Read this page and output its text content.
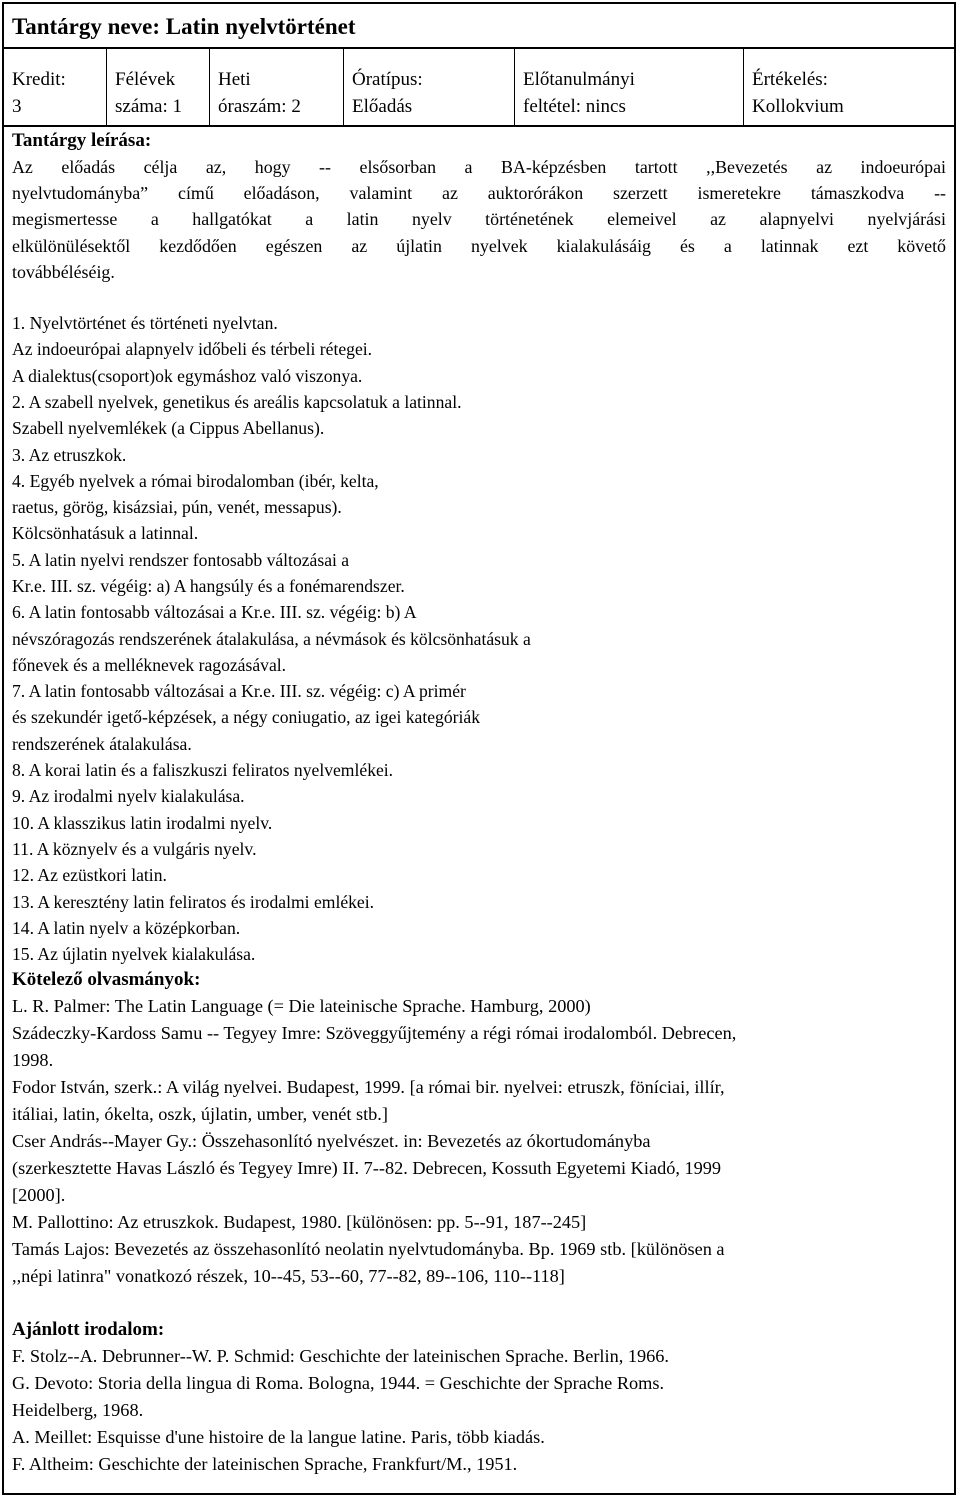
Tantárgy neve: Latin nyelvtörténet
Kredit:
3
Félévek
száma: 1
Heti
óraszám: 2
Óratípus:
Előadás
Előtanulmányi
feltétel: nincs
Értékelés:
Kollokvium
Tantárgy leírása:
Az előadás célja az, hogy -- elsősorban a BA-képzésben tartott ,,Bevezetés az indoeurópai
nyelvtudományba” című előadáson, valamint az auktorórákon szerzett ismeretekre támaszkodva --
megismertesse a hallgatókat a latin nyelv történetének elemeivel az alapnyelvi nyelvjárási
elkülönülésektől kezdődően egészen az újlatin nyelvek kialakulásáig és a latinnak ezt követő
továbbéléséig.
1. Nyelvtörténet és történeti nyelvtan.
Az indoeurópai alapnyelv időbeli és térbeli rétegei.
A dialektus(csoport)ok egymáshoz való viszonya.
2. A szabell nyelvek, genetikus és areális kapcsolatuk a latinnal.
Szabell nyelvemlékek (a Cippus Abellanus).
3. Az etruszkok.
4. Egyéb nyelvek a római birodalomban (ibér, kelta,
raetus, görög, kisázsiai, pún, venét, messapus).
Kölcsönhatásuk a latinnal.
5. A latin nyelvi rendszer fontosabb változásai a
Kr.e. III. sz. végéig: a) A hangsúly és a fonémarendszer.
6. A latin fontosabb változásai a Kr.e. III. sz. végéig: b) A
névszóragozás rendszerének átalakulása, a névmások és kölcsönhatásuk a
főnevek és a melléknevek ragozásával.
7. A latin fontosabb változásai a Kr.e. III. sz. végéig: c) A primér
és szekundér igető-képzések, a négy coniugatio, az igei kategóriák
rendszerének átalakulása.
8. A korai latin és a faliszkuszi feliratos nyelvemlékei.
9. Az irodalmi nyelv kialakulása.
10. A klasszikus latin irodalmi nyelv.
11. A köznyelv és a vulgáris nyelv.
12. Az ezüstkori latin.
13. A keresztény latin feliratos és irodalmi emlékei.
14. A latin nyelv a középkorban.
15. Az újlatin nyelvek kialakulása.
Kötelező olvasmányok:
L. R. Palmer: The Latin Language (= Die lateinische Sprache. Hamburg, 2000)
Szádeczky-Kardoss Samu -- Tegyey Imre: Szöveggyűjtemény a régi római irodalomból. Debrecen,
1998.
Fodor István, szerk.: A világ nyelvei. Budapest, 1999. [a római bir. nyelvei: etruszk, föníciai, illír,
itáliai, latin, ókelta, oszk, újlatin, umber, venét stb.]
Cser András--Mayer Gy.: Összehasonlító nyelvészet. in: Bevezetés az ókortudományba
(szerkesztette Havas László és Tegyey Imre) II. 7--82. Debrecen, Kossuth Egyetemi Kiadó, 1999
[2000].
M. Pallottino: Az etruszkok. Budapest, 1980. [különösen: pp. 5--91, 187--245]
Tamás Lajos: Bevezetés az összehasonlító neolatin nyelvtudományba. Bp. 1969 stb. [különösen a
,,népi latinra" vonatkozó részek, 10--45, 53--60, 77--82, 89--106, 110--118]
Ajánlott irodalom:
F. Stolz--A. Debrunner--W. P. Schmid: Geschichte der lateinischen Sprache. Berlin, 1966.
G. Devoto: Storia della lingua di Roma. Bologna, 1944. = Geschichte der Sprache Roms.
Heidelberg, 1968.
A. Meillet: Esquisse d'une histoire de la langue latine. Paris, több kiadás.
F. Altheim: Geschichte der lateinischen Sprache, Frankfurt/M., 1951.
